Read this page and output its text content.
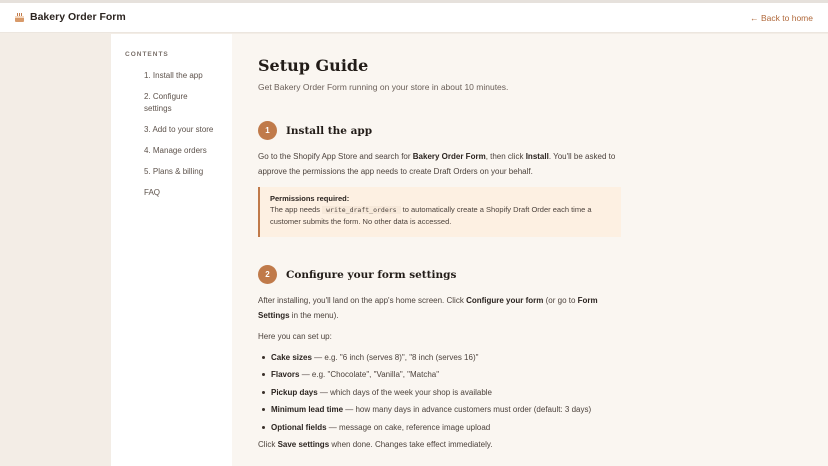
Bakery Order Form	← Back to home
CONTENTS
1. Install the app
2. Configure settings
3. Add to your store
4. Manage orders
5. Plans & billing
FAQ
Setup Guide

Get Bakery Order Form running on your store in about 10 minutes.

1	Install the app

Go to the Shopify App Store and search for Bakery Order Form, then click Install. You'll be asked to approve the permissions the app needs to create Draft Orders on your behalf.

Permissions required:
The app needs write_draft_orders to automatically create a Shopify Draft Order each time a customer submits the form. No other data is accessed.
2	Configure your form settings

After installing, you'll land on the app's home screen. Click Configure your form (or go to Form Settings in the menu).

Here you can set up:

Cake sizes — e.g. "6 inch (serves 8)", "8 inch (serves 16)"
Flavors — e.g. "Chocolate", "Vanilla", "Matcha"
Pickup days — which days of the week your shop is available
Minimum lead time — how many days in advance customers must order (default: 3 days)
Optional fields — message on cake, reference image upload

Click Save settings when done. Changes take effect immediately.
